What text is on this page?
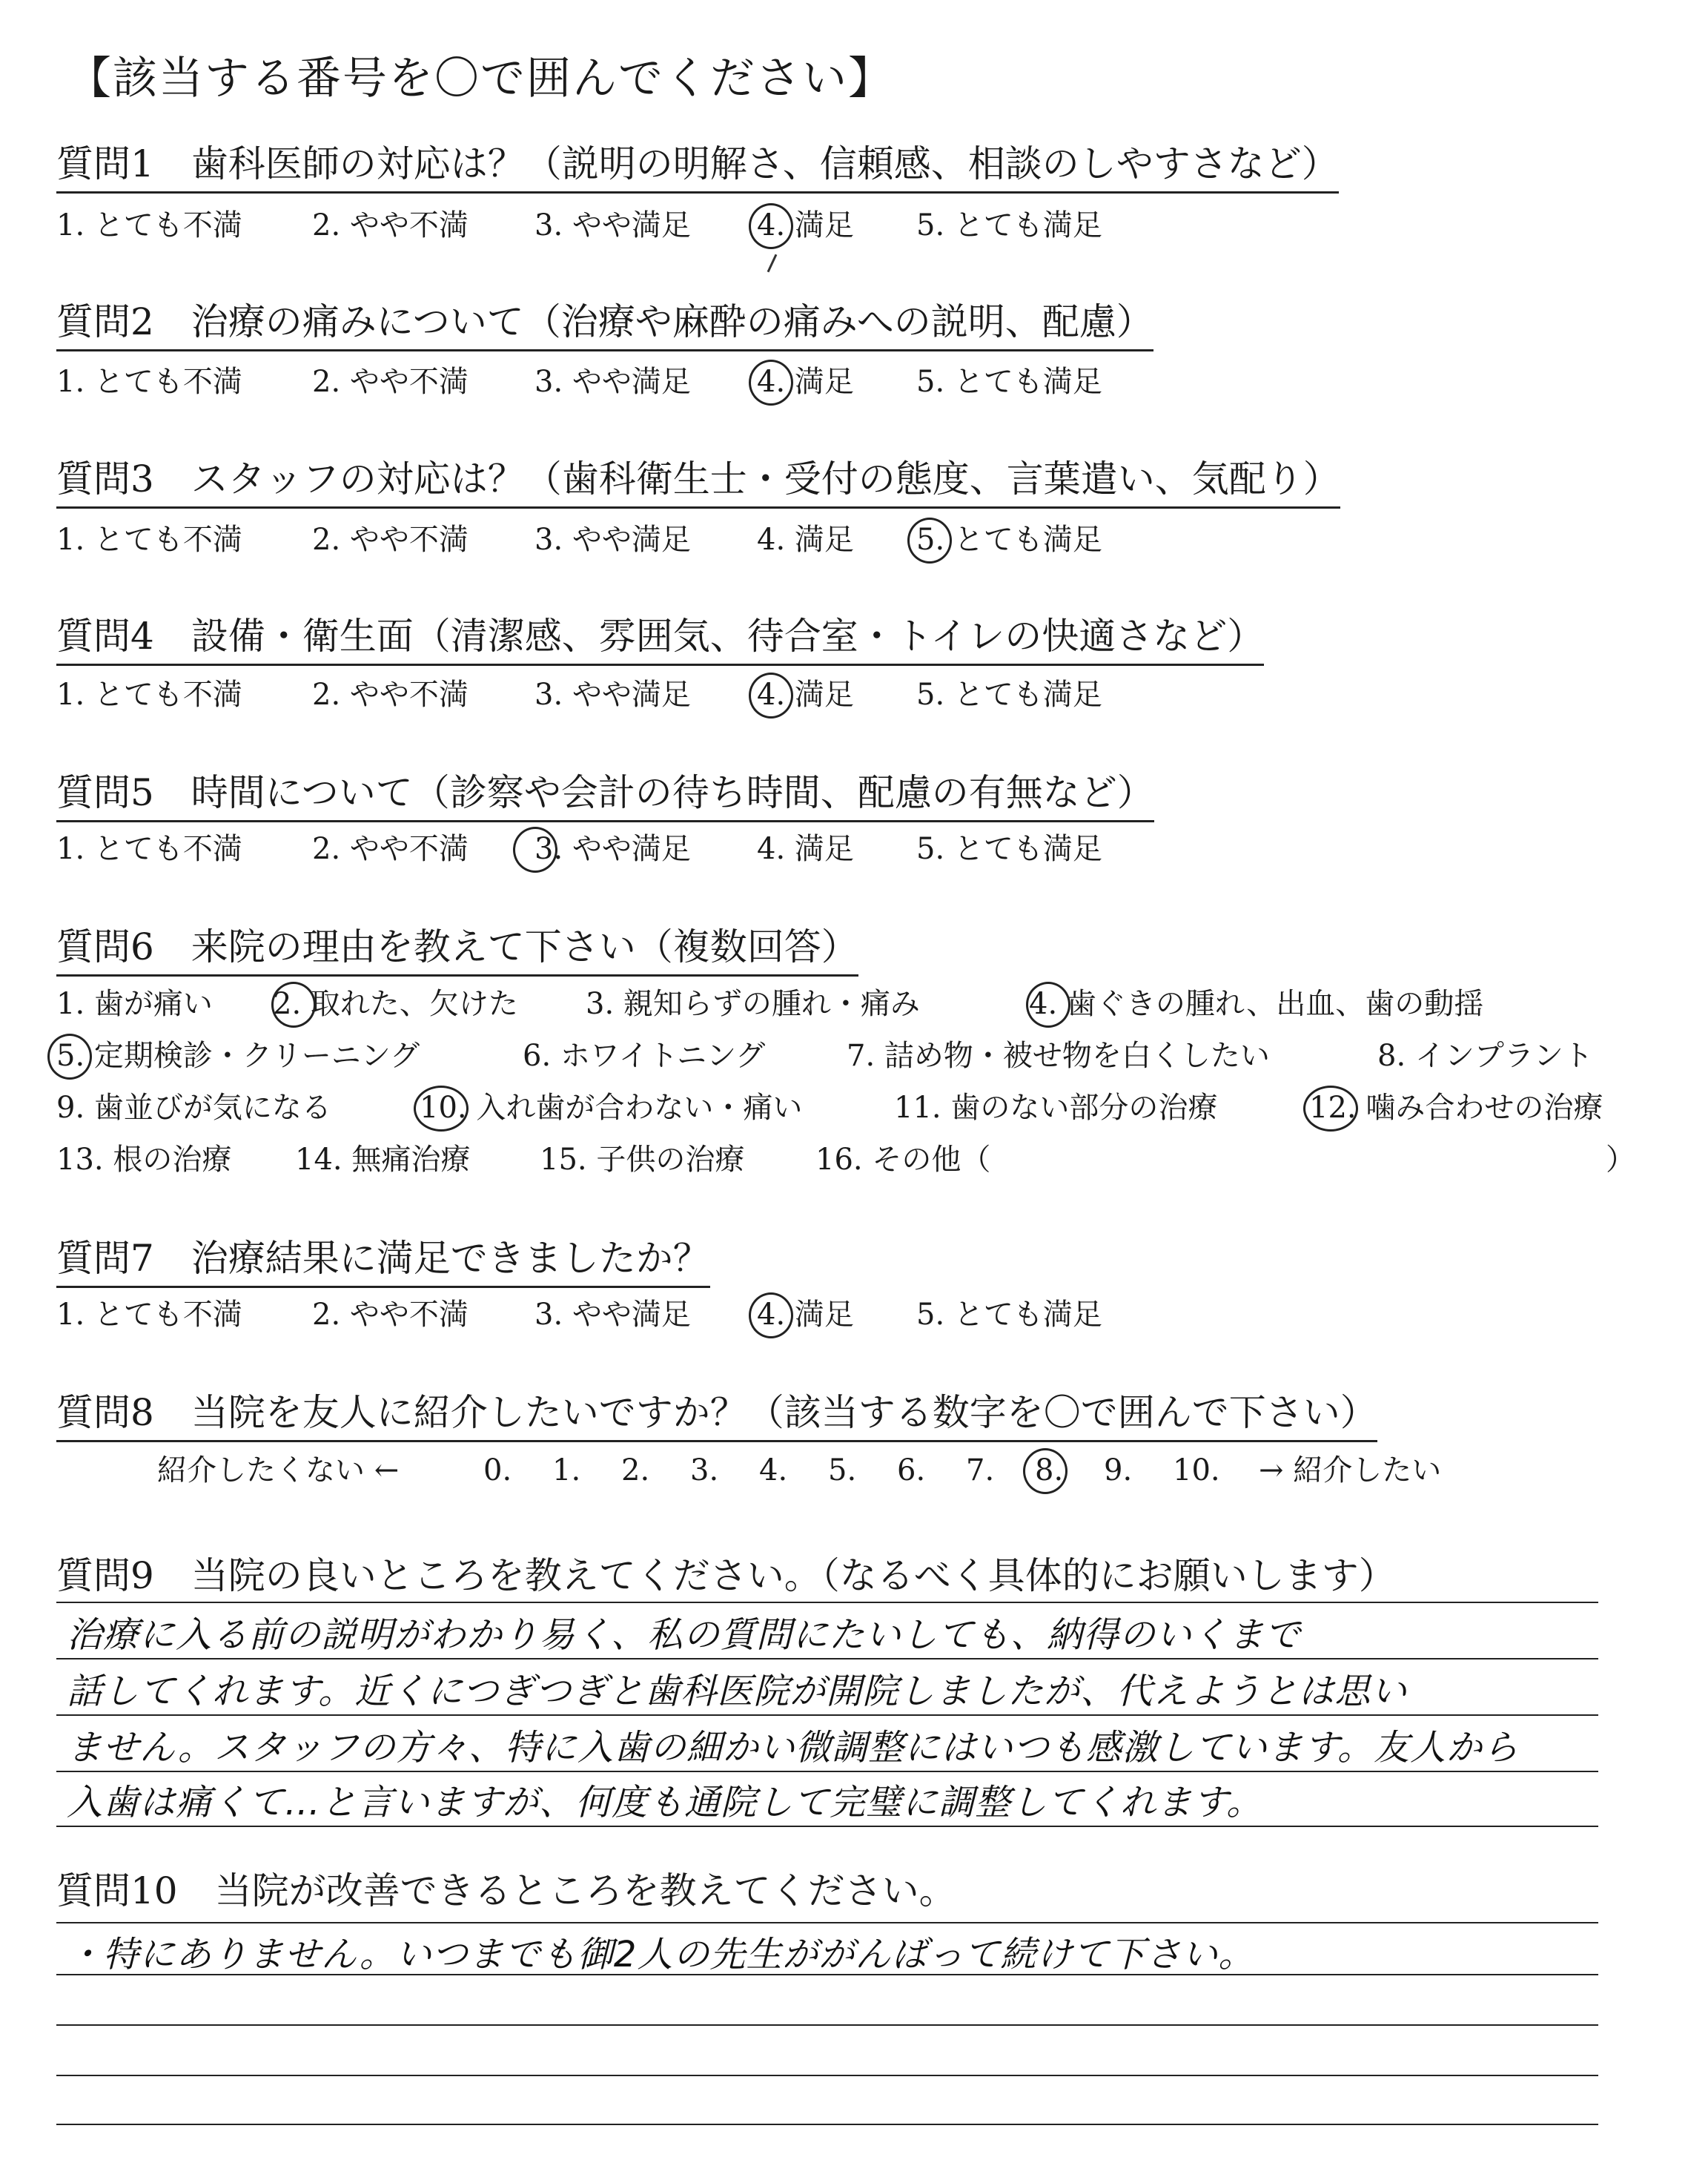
【該当する番号を〇で囲んでください】
質問1　歯科医師の対応は？（説明の明解さ、信頼感、相談のしやすさなど）
1. とても不満 2. やや不満 3. やや満足 4. 満足 5. とても満足
質問2　治療の痛みについて（治療や麻酔の痛みへの説明、配慮）
1. とても不満 2. やや不満 3. やや満足 4. 満足 5. とても満足
質問3　スタッフの対応は？（歯科衛生士・受付の態度、言葉遣い、気配り）
1. とても不満 2. やや不満 3. やや満足 4. 満足 5. とても満足
質問4　設備・衛生面（清潔感、雰囲気、待合室・トイレの快適さなど）
1. とても不満 2. やや不満 3. やや満足 4. 満足 5. とても満足
質問5　時間について（診察や会計の待ち時間、配慮の有無など）
1. とても不満 2. やや不満 3. やや満足 4. 満足 5. とても満足
質問6　来院の理由を教えて下さい（複数回答）
1. 歯が痛い 2. 取れた、欠けた 3. 親知らずの腫れ・痛み	4. 歯ぐきの腫れ、出血、歯の動揺
5. 定期検診・クリーニング	6. ホワイトニング	7. 詰め物・被せ物を白くしたい	8. インプラント
9. 歯並びが気になる	10. 入れ歯が合わない・痛い	11. 歯のない部分の治療	12. 噛み合わせの治療
13. 根の治療 14. 無痛治療 15. 子供の治療 16. その他（	）
質問7　治療結果に満足できましたか？
1. とても不満 2. やや不満 3. やや満足 4. 満足 5. とても満足
質問8　当院を友人に紹介したいですか？（該当する数字を〇で囲んで下さい）
紹介したくない ←	0. 1. 2. 3. 4. 5. 6. 7. 8. 9. 10. → 紹介したい
質問9　当院の良いところを教えてください。（なるべく具体的にお願いします）
治療に入る前の説明がわかり易く、私の質問にたいしても、納得のいくまで
話してくれます。近くにつぎつぎと歯科医院が開院しましたが、代えようとは思い
ません。スタッフの方々、特に入歯の細かい微調整にはいつも感激しています。友人から
入歯は痛くて…と言いますが、何度も通院して完璧に調整してくれます。
質問10　当院が改善できるところを教えてください。
・特にありません。いつまでも御2人の先生ががんばって続けて下さい。
